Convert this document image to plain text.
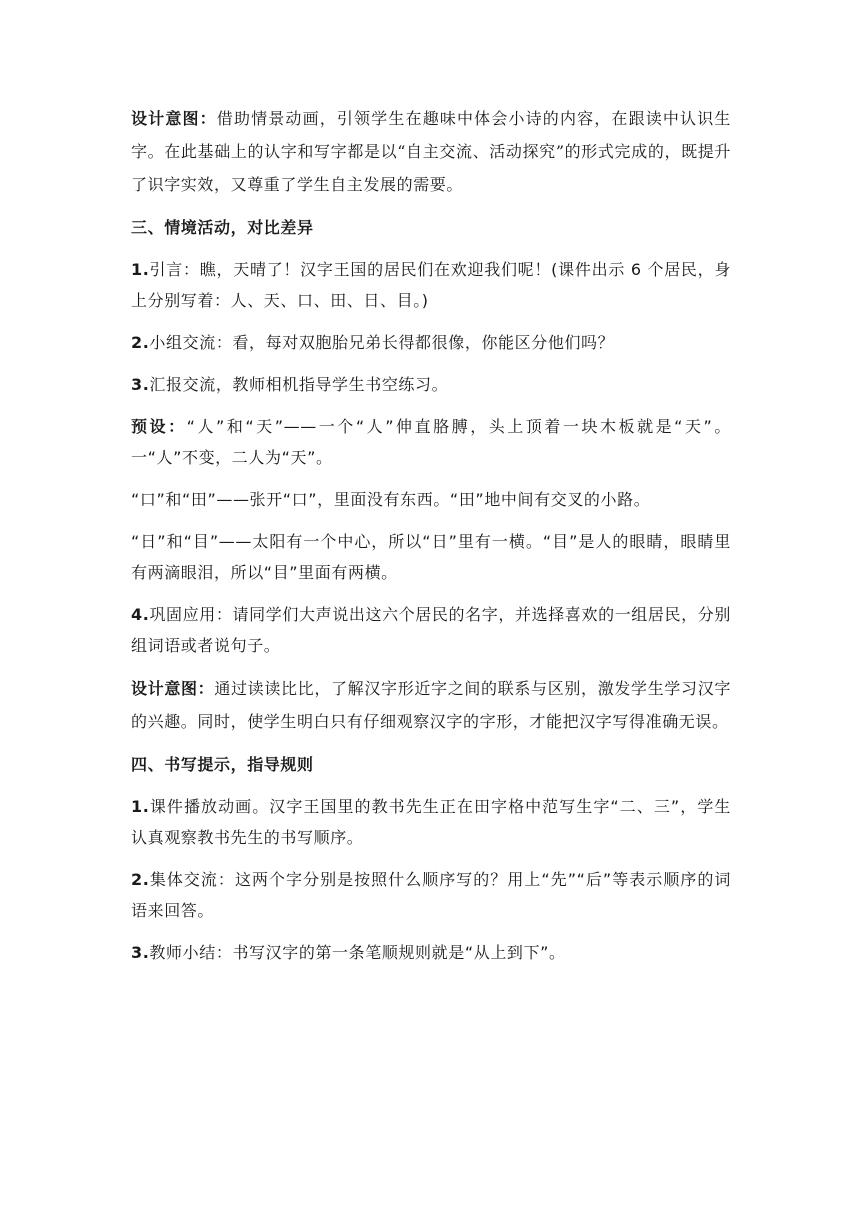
设计意图：借助情景动画，引领学生在趣味中体会小诗的内容，在跟读中认识生字。在此基础上的认字和写字都是以“自主交流、活动探究”的形式完成的，既提升了识字实效，又尊重了学生自主发展的需要。

三、情境活动，对比差异

1.引言：瞧，天晴了！汉字王国的居民们在欢迎我们呢！(课件出示 6 个居民，身上分别写着：人、天、口、田、日、目。)

2.小组交流：看，每对双胞胎兄弟长得都很像，你能区分他们吗？

3.汇报交流，教师相机指导学生书空练习。

预设：“人”和“天”——一个“人”伸直胳膊，头上顶着一块木板就是“天”。一“人”不变，二人为“天”。

“口”和“田”——张开“口”，里面没有东西。“田”地中间有交叉的小路。

“日”和“目”——太阳有一个中心，所以“日”里有一横。“目”是人的眼睛，眼睛里有两滴眼泪，所以“目”里面有两横。

4.巩固应用：请同学们大声说出这六个居民的名字，并选择喜欢的一组居民，分别组词语或者说句子。

设计意图：通过读读比比，了解汉字形近字之间的联系与区别，激发学生学习汉字的兴趣。同时，使学生明白只有仔细观察汉字的字形，才能把汉字写得准确无误。

四、书写提示，指导规则

1.课件播放动画。汉字王国里的教书先生正在田字格中范写生字“二、三”，学生认真观察教书先生的书写顺序。

2.集体交流：这两个字分别是按照什么顺序写的？用上“先”“后”等表示顺序的词语来回答。

3.教师小结：书写汉字的第一条笔顺规则就是“从上到下”。
